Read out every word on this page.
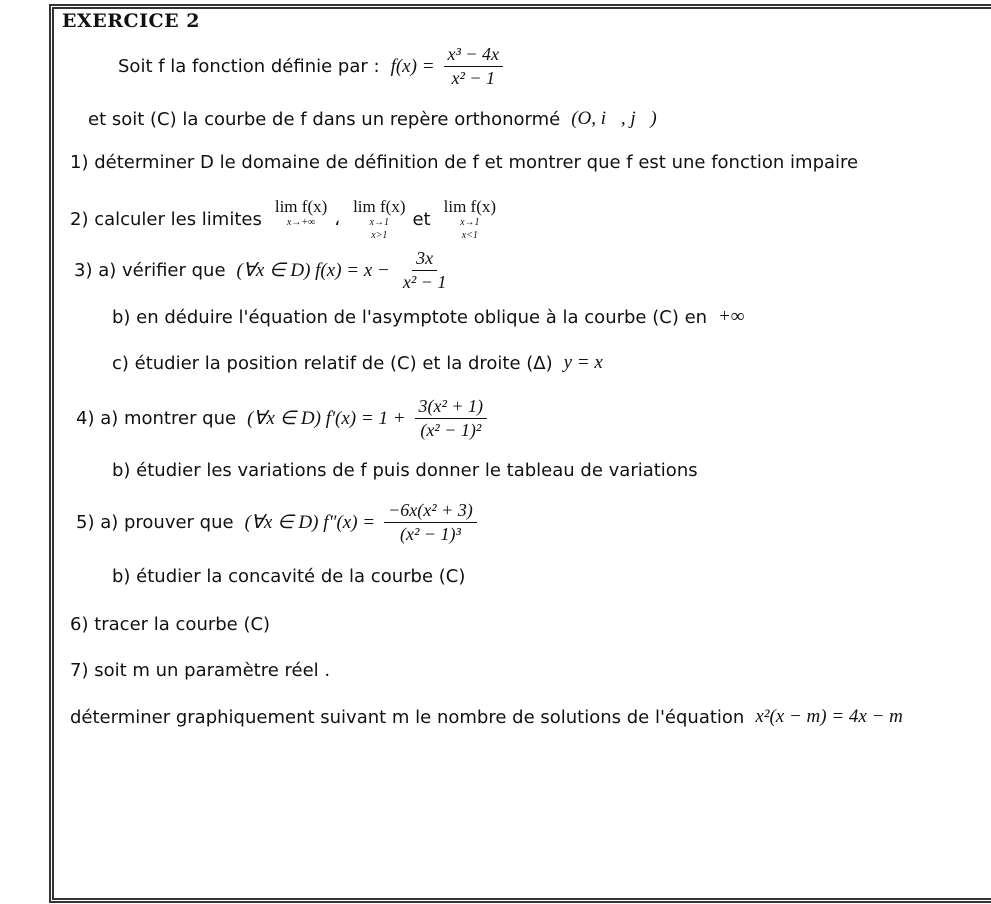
EXERCICE 2
Soit f la fonction définie par : $f(x) = \frac{\text{x³ − 4x}}{\text{x² − 1}}$
et soit (C) la courbe de f dans un repère orthonormé (O, i⃗, j⃗)
1) déterminer D le domaine de définition de f et montrer que f est une fonction impaire
2) calculer les limites
lim f(x)
x→+∞
،
lim f(x)
x→1
x>1
et
lim f(x)
x→1
x<1
3) a) vérifier que (∀x ∈ D) $f(x) = x - \frac{3x}{\text{x² − 1}}$
b) en déduire l'équation de l'asymptote oblique à la courbe (C) en +∞
c) étudier la position relatif de (C) et la droite (Δ) y = x
4) a) montrer que (∀x ∈ D) $f'(x) = 1 + \frac{\text{3(x² + 1)}}{\text{(x² − 1)²}}$
b) étudier les variations de f puis donner le tableau de variations
5) a) prouver que (∀x ∈ D) f"(x) = $\frac{\text{−6x(x² + 3)}}{\text{(x² − 1)³}}$
b) étudier la concavité de la courbe (C)
6) tracer la courbe (C)
7) soit m un paramètre réel .
déterminer graphiquement suivant m le nombre de solutions de l'équation x²(x − m) = 4x − m
